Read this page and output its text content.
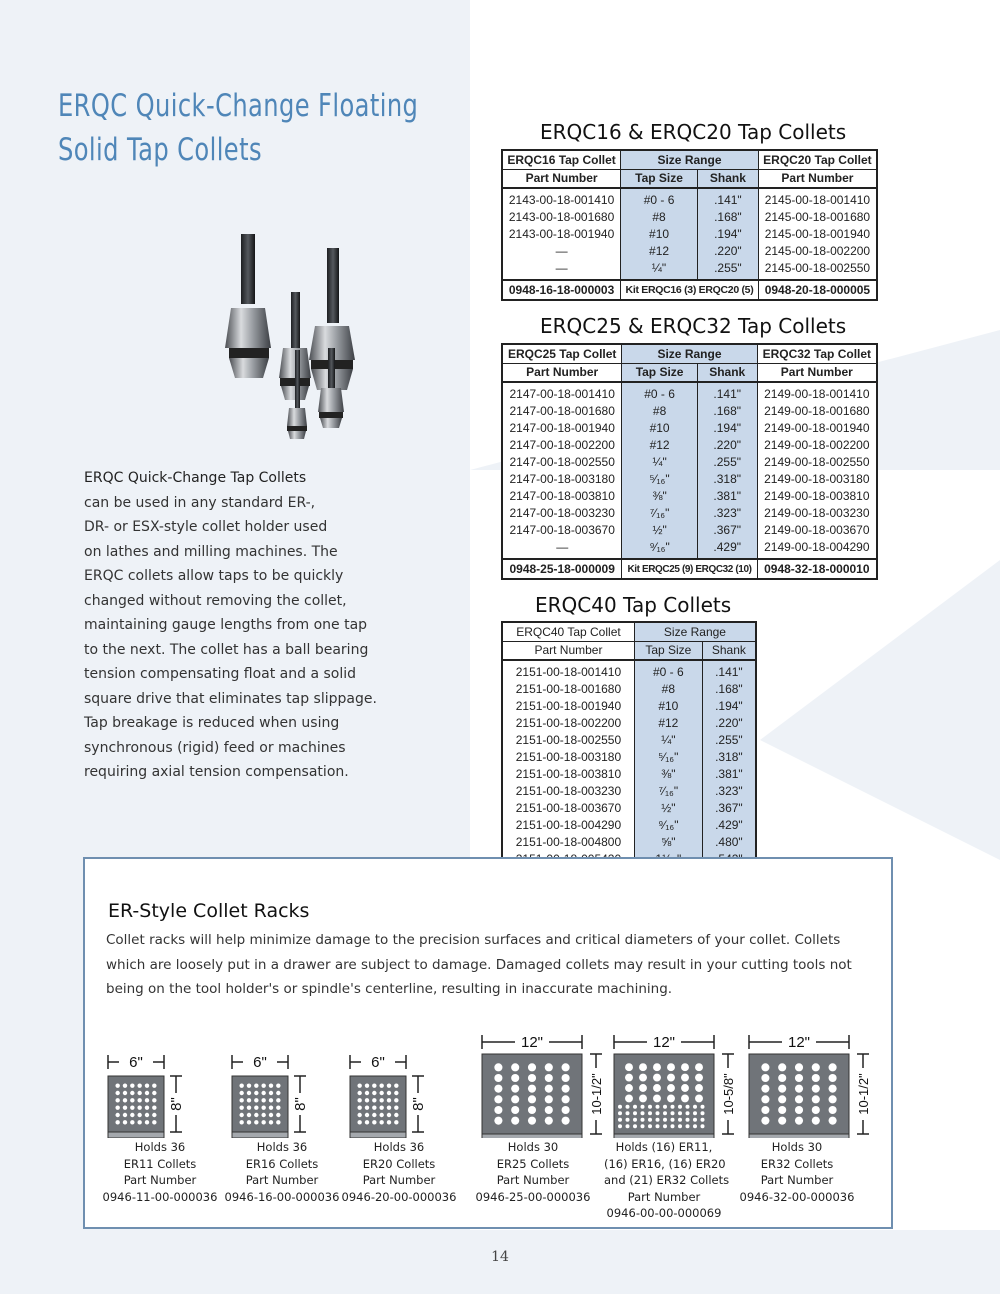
ERQC Quick-Change Floating
Solid Tap Collets
ERQC Quick-Change Tap Collets
can be used in any standard ER-,
DR- or ESX-style collet holder used
on lathes and milling machines. The
ERQC collets allow taps to be quickly
changed without removing the collet,
maintaining gauge lengths from one tap
to the next. The collet has a ball bearing
tension compensating float and a solid
square drive that eliminates tap slippage.
Tap breakage is reduced when using
synchronous (rigid) feed or machines
requiring axial tension compensation.
ERQC16 & ERQC20 Tap Collets
ERQC16 Tap Collet	Size Range		ERQC20 Tap Collet
Part Number	Tap Size	Shank	Part Number
2143-00-18-001410	#0 - 6	.141"	2145-00-18-001410
2143-00-18-001680	#8	.168"	2145-00-18-001680
2143-00-18-001940	#10	.194"	2145-00-18-001940
—	#12	.220"	2145-00-18-002200
—	¼"	.255"	2145-00-18-002550
0948-16-18-000003	Kit ERQC16 (3) ERQC20 (5)		0948-20-18-000005
ERQC25 & ERQC32 Tap Collets
ERQC25 Tap Collet	Size Range		ERQC32 Tap Collet
Part Number	Tap Size	Shank	Part Number
2147-00-18-001410	#0 - 6	.141"	2149-00-18-001410
2147-00-18-001680	#8	.168"	2149-00-18-001680
2147-00-18-001940	#10	.194"	2149-00-18-001940
2147-00-18-002200	#12	.220"	2149-00-18-002200
2147-00-18-002550	¼"	.255"	2149-00-18-002550
2147-00-18-003180	⁵⁄₁₆"	.318"	2149-00-18-003180
2147-00-18-003810	⅜"	.381"	2149-00-18-003810
2147-00-18-003230	⁷⁄₁₆"	.323"	2149-00-18-003230
2147-00-18-003670	½"	.367"	2149-00-18-003670
—	⁹⁄₁₆"	.429"	2149-00-18-004290
0948-25-18-000009	Kit ERQC25 (9) ERQC32 (10)		0948-32-18-000010
ERQC40 Tap Collets
ERQC40 Tap Collet	Size Range	
Part Number	Tap Size	Shank
2151-00-18-001410	#0 - 6	.141"
2151-00-18-001680	#8	.168"
2151-00-18-001940	#10	.194"
2151-00-18-002200	#12	.220"
2151-00-18-002550	¼"	.255"
2151-00-18-003180	⁵⁄₁₆"	.318"
2151-00-18-003810	⅜"	.381"
2151-00-18-003230	⁷⁄₁₆"	.323"
2151-00-18-003670	½"	.367"
2151-00-18-004290	⁹⁄₁₆"	.429"
2151-00-18-004800	⅝"	.480"

ER-Style Collet Racks
Collet racks will help minimize damage to the precision surfaces and critical diameters of your collet. Collets which are loosely put in a drawer are subject to damage. Damaged collets may result in your cutting tools not being on the tool holder's or spindle's centerline, resulting in inaccurate machining.
6"
8"
Holds 36
ER11 Collets
Part Number
0946-11-00-000036
6"
8"
Holds 36
ER16 Collets
Part Number
0946-16-00-000036
6"
8"
Holds 36
ER20 Collets
Part Number
0946-20-00-000036
12"
10-1/2"
Holds 30
ER25 Collets
Part Number
0946-25-00-000036
12"
10-5/8"
Holds (16) ER11,
(16) ER16, (16) ER20
and (21) ER32 Collets
Part Number
0946-00-00-000069
12"
10-1/2"
Holds 30
ER32 Collets
Part Number
0946-32-00-000036
14
